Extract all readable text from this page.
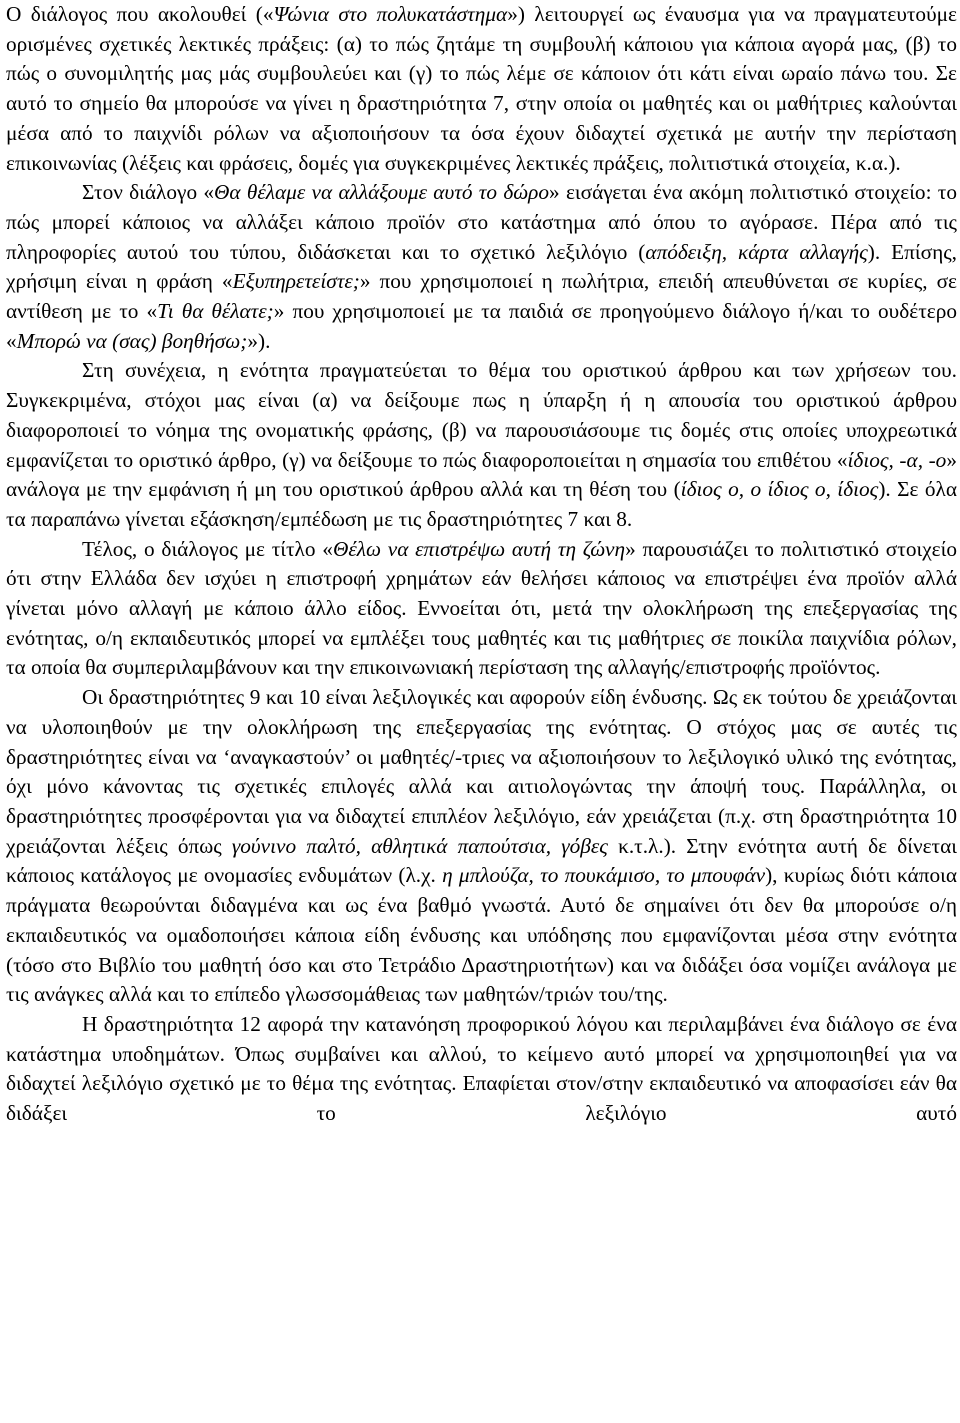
Ο διάλογος που ακολουθεί («Ψώνια στο πολυκατάστημα») λειτουργεί ως έναυσμα για να πραγματευτούμε ορισμένες σχετικές λεκτικές πράξεις: (α) το πώς ζητάμε τη συμβουλή κάποιου για κάποια αγορά μας, (β) το πώς ο συνομιλητής μας μάς συμβουλεύει και (γ) το πώς λέμε σε κάποιον ότι κάτι είναι ωραίο πάνω του. Σε αυτό το σημείο θα μπορούσε να γίνει η δραστηριότητα 7, στην οποία οι μαθητές και οι μαθήτριες καλούνται μέσα από το παιχνίδι ρόλων να αξιοποιήσουν τα όσα έχουν διδαχτεί σχετικά με αυτήν την περίσταση επικοινωνίας (λέξεις και φράσεις, δομές για συγκεκριμένες λεκτικές πράξεις, πολιτιστικά στοιχεία, κ.α.).

Στον διάλογο «Θα θέλαμε να αλλάξουμε αυτό το δώρο» εισάγεται ένα ακόμη πολιτιστικό στοιχείο: το πώς μπορεί κάποιος να αλλάξει κάποιο προϊόν στο κατάστημα από όπου το αγόρασε. Πέρα από τις πληροφορίες αυτού του τύπου, διδάσκεται και το σχετικό λεξιλόγιο (απόδειξη, κάρτα αλλαγής). Επίσης, χρήσιμη είναι η φράση «Εξυπηρετείστε;» που χρησιμοποιεί η πωλήτρια, επειδή απευθύνεται σε κυρίες, σε αντίθεση με το «Τι θα θέλατε;» που χρησιμοποιεί με τα παιδιά σε προηγούμενο διάλογο ή/και το ουδέτερο «Μπορώ να (σας) βοηθήσω;»).

Στη συνέχεια, η ενότητα πραγματεύεται το θέμα του οριστικού άρθρου και των χρήσεων του. Συγκεκριμένα, στόχοι μας είναι (α) να δείξουμε πως η ύπαρξη ή η απουσία του οριστικού άρθρου διαφοροποιεί το νόημα της ονοματικής φράσης, (β) να παρουσιάσουμε τις δομές στις οποίες υποχρεωτικά εμφανίζεται το οριστικό άρθρο, (γ) να δείξουμε το πώς διαφοροποιείται η σημασία του επιθέτου «ίδιος, -α, -ο» ανάλογα με την εμφάνιση ή μη του οριστικού άρθρου αλλά και τη θέση του (ίδιος ο, ο ίδιος ο, ίδιος). Σε όλα τα παραπάνω γίνεται εξάσκηση/εμπέδωση με τις δραστηριότητες 7 και 8.

Τέλος, ο διάλογος με τίτλο «Θέλω να επιστρέψω αυτή τη ζώνη» παρουσιάζει το πολιτιστικό στοιχείο ότι στην Ελλάδα δεν ισχύει η επιστροφή χρημάτων εάν θελήσει κάποιος να επιστρέψει ένα προϊόν αλλά γίνεται μόνο αλλαγή με κάποιο άλλο είδος. Εννοείται ότι, μετά την ολοκλήρωση της επεξεργασίας της ενότητας, ο/η εκπαιδευτικός μπορεί να εμπλέξει τους μαθητές και τις μαθήτριες σε ποικίλα παιχνίδια ρόλων, τα οποία θα συμπεριλαμβάνουν και την επικοινωνιακή περίσταση της αλλαγής/επιστροφής προϊόντος.

Οι δραστηριότητες 9 και 10 είναι λεξιλογικές και αφορούν είδη ένδυσης. Ως εκ τούτου δε χρειάζονται να υλοποιηθούν με την ολοκλήρωση της επεξεργασίας της ενότητας. Ο στόχος μας σε αυτές τις δραστηριότητες είναι να ‘αναγκαστούν’ οι μαθητές/-τριες να αξιοποιήσουν το λεξιλογικό υλικό της ενότητας, όχι μόνο κάνοντας τις σχετικές επιλογές αλλά και αιτιολογώντας την άποψή τους. Παράλληλα, οι δραστηριότητες προσφέρονται για να διδαχτεί επιπλέον λεξιλόγιο, εάν χρειάζεται (π.χ. στη δραστηριότητα 10 χρειάζονται λέξεις όπως γούνινο παλτό, αθλητικά παπούτσια, γόβες κ.τ.λ.). Στην ενότητα αυτή δε δίνεται κάποιος κατάλογος με ονομασίες ενδυμάτων (λ.χ. η μπλούζα, το πουκάμισο, το μπουφάν), κυρίως διότι κάποια πράγματα θεωρούνται διδαγμένα και ως ένα βαθμό γνωστά. Αυτό δε σημαίνει ότι δεν θα μπορούσε ο/η εκπαιδευτικός να ομαδοποιήσει κάποια είδη ένδυσης και υπόδησης που εμφανίζονται μέσα στην ενότητα (τόσο στο Βιβλίο του μαθητή όσο και στο Τετράδιο Δραστηριοτήτων) και να διδάξει όσα νομίζει ανάλογα με τις ανάγκες αλλά και το επίπεδο γλωσσομάθειας των μαθητών/τριών του/της.

Η δραστηριότητα 12 αφορά την κατανόηση προφορικού λόγου και περιλαμβάνει ένα διάλογο σε ένα κατάστημα υποδημάτων. Όπως συμβαίνει και αλλού, το κείμενο αυτό μπορεί να χρησιμοποιηθεί για να διδαχτεί λεξιλόγιο σχετικό με το θέμα της ενότητας. Επαφίεται στον/στην εκπαιδευτικό να αποφασίσει εάν θα διδάξει το λεξιλόγιο αυτό
